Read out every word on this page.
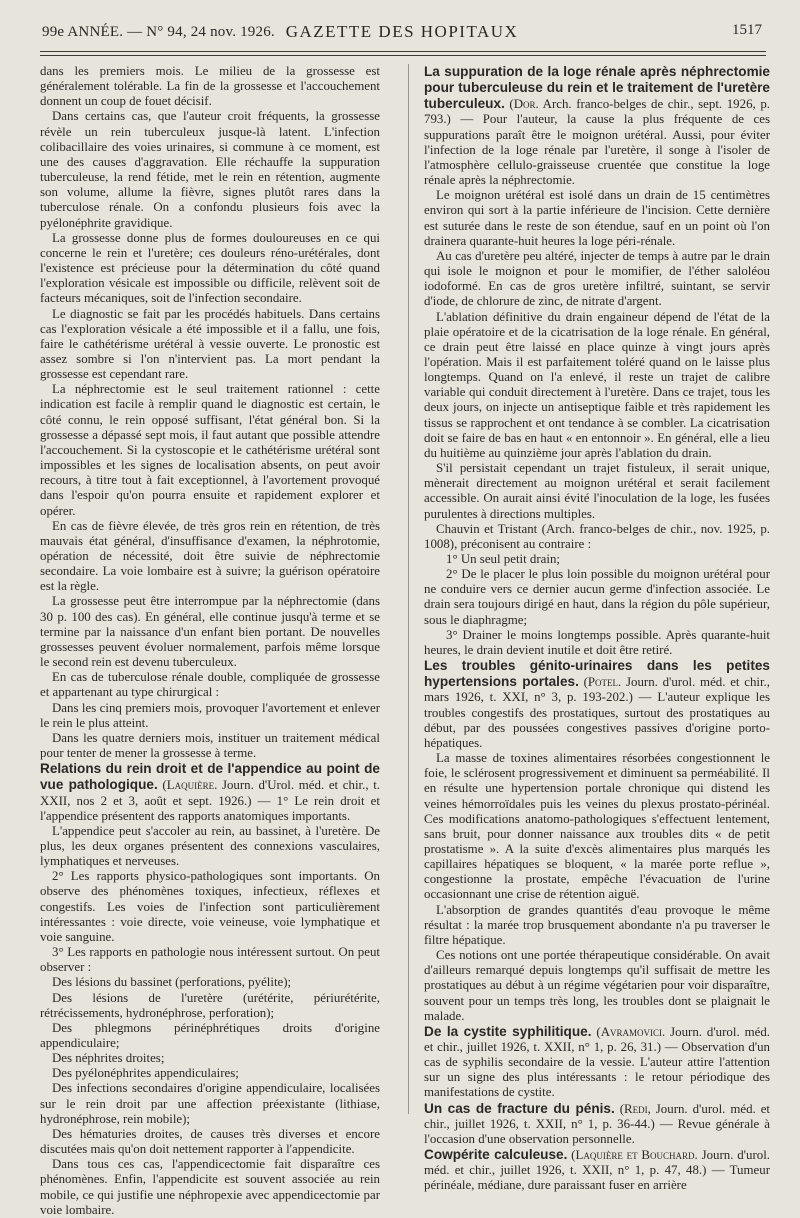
99e ANNÉE. — N° 94, 24 nov. 1926. GAZETTE DES HOPITAUX	1517

dans les premiers mois. Le milieu de la grossesse est généralement tolérable. La fin de la grossesse et l'accouchement donnent un coup de fouet décisif.

Dans certains cas, que l'auteur croit fréquents, la grossesse révèle un rein tuberculeux jusque-là latent. L'infection colibacillaire des voies urinaires, si commune à ce moment, est une des causes d'aggravation. Elle réchauffe la suppuration tuberculeuse, la rend fétide, met le rein en rétention, augmente son volume, allume la fièvre, signes plutôt rares dans la tuberculose rénale. On a confondu plusieurs fois avec la pyélonéphrite gravidique.

La grossesse donne plus de formes douloureuses en ce qui concerne le rein et l'uretère; ces douleurs réno-urétérales, dont l'existence est précieuse pour la détermination du côté quand l'exploration vésicale est impossible ou difficile, relèvent soit de facteurs mécaniques, soit de l'infection secondaire.

Le diagnostic se fait par les procédés habituels. Dans certains cas l'exploration vésicale a été impossible et il a fallu, une fois, faire le cathétérisme urétéral à vessie ouverte. Le pronostic est assez sombre si l'on n'intervient pas. La mort pendant la grossesse est cependant rare.

La néphrectomie est le seul traitement rationnel : cette indication est facile à remplir quand le diagnostic est certain, le côté connu, le rein opposé suffisant, l'état général bon. Si la grossesse a dépassé sept mois, il faut autant que possible attendre l'accouchement. Si la cystoscopie et le cathétérisme urétéral sont impossibles et les signes de localisation absents, on peut avoir recours, à titre tout à fait exceptionnel, à l'avortement provoqué dans l'espoir qu'on pourra ensuite et rapidement explorer et opérer.

En cas de fièvre élevée, de très gros rein en rétention, de très mauvais état général, d'insuffisance d'examen, la néphrotomie, opération de nécessité, doit être suivie de néphrectomie secondaire. La voie lombaire est à suivre; la guérison opératoire est la règle.

La grossesse peut être interrompue par la néphrectomie (dans 30 p. 100 des cas). En général, elle continue jusqu'à terme et se termine par la naissance d'un enfant bien portant. De nouvelles grossesses peuvent évoluer normalement, parfois même lorsque le second rein est devenu tuberculeux.

En cas de tuberculose rénale double, compliquée de grossesse et appartenant au type chirurgical :

Dans les cinq premiers mois, provoquer l'avortement et enlever le rein le plus atteint.

Dans les quatre derniers mois, instituer un traitement médical pour tenter de mener la grossesse à terme.

Relations du rein droit et de l'appendice au point de vue pathologique. (Laquière. Journ. d'Urol. méd. et chir., t. XXII, nos 2 et 3, août et sept. 1926.) — 1° Le rein droit et l'appendice présentent des rapports anatomiques importants.

L'appendice peut s'accoler au rein, au bassinet, à l'uretère. De plus, les deux organes présentent des connexions vasculaires, lymphatiques et nerveuses.

2° Les rapports physico-pathologiques sont importants. On observe des phénomènes toxiques, infectieux, réflexes et congestifs. Les voies de l'infection sont particulièrement intéressantes : voie directe, voie veineuse, voie lymphatique et voie sanguine.

3° Les rapports en pathologie nous intéressent surtout. On peut observer :

Des lésions du bassinet (perforations, pyélite);

Des lésions de l'uretère (urétérite, périurétérite, rétrécissements, hydronéphrose, perforation);

Des phlegmons périnéphrétiques droits d'origine appendiculaire;

Des néphrites droites;

Des pyélonéphrites appendiculaires;

Des infections secondaires d'origine appendiculaire, localisées sur le rein droit par une affection préexistante (lithiase, hydronéphrose, rein mobile);

Des hématuries droites, de causes très diverses et encore discutées mais qu'on doit nettement rapporter à l'appendicite.

Dans tous ces cas, l'appendicectomie fait disparaître ces phénomènes. Enfin, l'appendicite est souvent associée au rein mobile, ce qui justifie une néphropexie avec appendicectomie par voie lombaire.

La suppuration de la loge rénale après néphrectomie pour tuberculeuse du rein et le traitement de l'uretère tuberculeux. (Dor. Arch. franco-belges de chir., sept. 1926, p. 793.) — Pour l'auteur, la cause la plus fréquente de ces suppurations paraît être le moignon urétéral. Aussi, pour éviter l'infection de la loge rénale par l'uretère, il songe à l'isoler de l'atmosphère cellulo-graisseuse cruentée que constitue la loge rénale après la néphrectomie.

Le moignon urétéral est isolé dans un drain de 15 centimètres environ qui sort à la partie inférieure de l'incision. Cette dernière est suturée dans le reste de son étendue, sauf en un point où l'on drainera quarante-huit heures la loge péri-rénale.

Au cas d'uretère peu altéré, injecter de temps à autre par le drain qui isole le moignon et pour le momifier, de l'éther saloléou iodoformé. En cas de gros uretère infiltré, suintant, se servir d'iode, de chlorure de zinc, de nitrate d'argent.

L'ablation définitive du drain engaineur dépend de l'état de la plaie opératoire et de la cicatrisation de la loge rénale. En général, ce drain peut être laissé en place quinze à vingt jours après l'opération. Mais il est parfaitement toléré quand on le laisse plus longtemps. Quand on l'a enlevé, il reste un trajet de calibre variable qui conduit directement à l'uretère. Dans ce trajet, tous les deux jours, on injecte un antiseptique faible et très rapidement les tissus se rapprochent et ont tendance à se combler. La cicatrisation doit se faire de bas en haut « en entonnoir ». En général, elle a lieu du huitième au quinzième jour après l'ablation du drain.

S'il persistait cependant un trajet fistuleux, il serait unique, mènerait directement au moignon urétéral et serait facilement accessible. On aurait ainsi évité l'inoculation de la loge, les fusées purulentes à directions multiples.

Chauvin et Tristant (Arch. franco-belges de chir., nov. 1925, p. 1008), préconisent au contraire :

1° Un seul petit drain;

2° De le placer le plus loin possible du moignon urétéral pour ne conduire vers ce dernier aucun germe d'infection associée. Le drain sera toujours dirigé en haut, dans la région du pôle supérieur, sous le diaphragme;

3° Drainer le moins longtemps possible. Après quarante-huit heures, le drain devient inutile et doit être retiré.

Les troubles génito-urinaires dans les petites hypertensions portales. (Potel. Journ. d'urol. méd. et chir., mars 1926, t. XXI, n° 3, p. 193-202.) — L'auteur explique les troubles congestifs des prostatiques, surtout des prostatiques au début, par des poussées congestives passives d'origine porto-hépatiques.

La masse de toxines alimentaires résorbées congestionnent le foie, le sclérosent progressivement et diminuent sa perméabilité. Il en résulte une hypertension portale chronique qui distend les veines hémorroïdales puis les veines du plexus prostato-périnéal. Ces modifications anatomo-pathologiques s'effectuent lentement, sans bruit, pour donner naissance aux troubles dits « de petit prostatisme ». A la suite d'excès alimentaires plus marqués les capillaires hépatiques se bloquent, « la marée porte reflue », congestionne la prostate, empêche l'évacuation de l'urine occasionnant une crise de rétention aiguë.

L'absorption de grandes quantités d'eau provoque le même résultat : la marée trop brusquement abondante n'a pu traverser le filtre hépatique.

Ces notions ont une portée thérapeutique considérable. On avait d'ailleurs remarqué depuis longtemps qu'il suffisait de mettre les prostatiques au début à un régime végétarien pour voir disparaître, souvent pour un temps très long, les troubles dont se plaignait le malade.

De la cystite syphilitique. (Avramovici. Journ. d'urol. méd. et chir., juillet 1926, t. XXII, n° 1, p. 26, 31.) — Observation d'un cas de syphilis secondaire de la vessie. L'auteur attire l'attention sur un signe des plus intéressants : le retour périodique des manifestations de cystite.

Un cas de fracture du pénis. (Redi, Journ. d'urol. méd. et chir., juillet 1926, t. XXII, n° 1, p. 36-44.) — Revue générale à l'occasion d'une observation personnelle.

Cowpérite calculeuse. (Laquière et Bouchard. Journ. d'urol. méd. et chir., juillet 1926, t. XXII, n° 1, p. 47, 48.) — Tumeur périnéale, médiane, dure paraissant fuser en arrière
